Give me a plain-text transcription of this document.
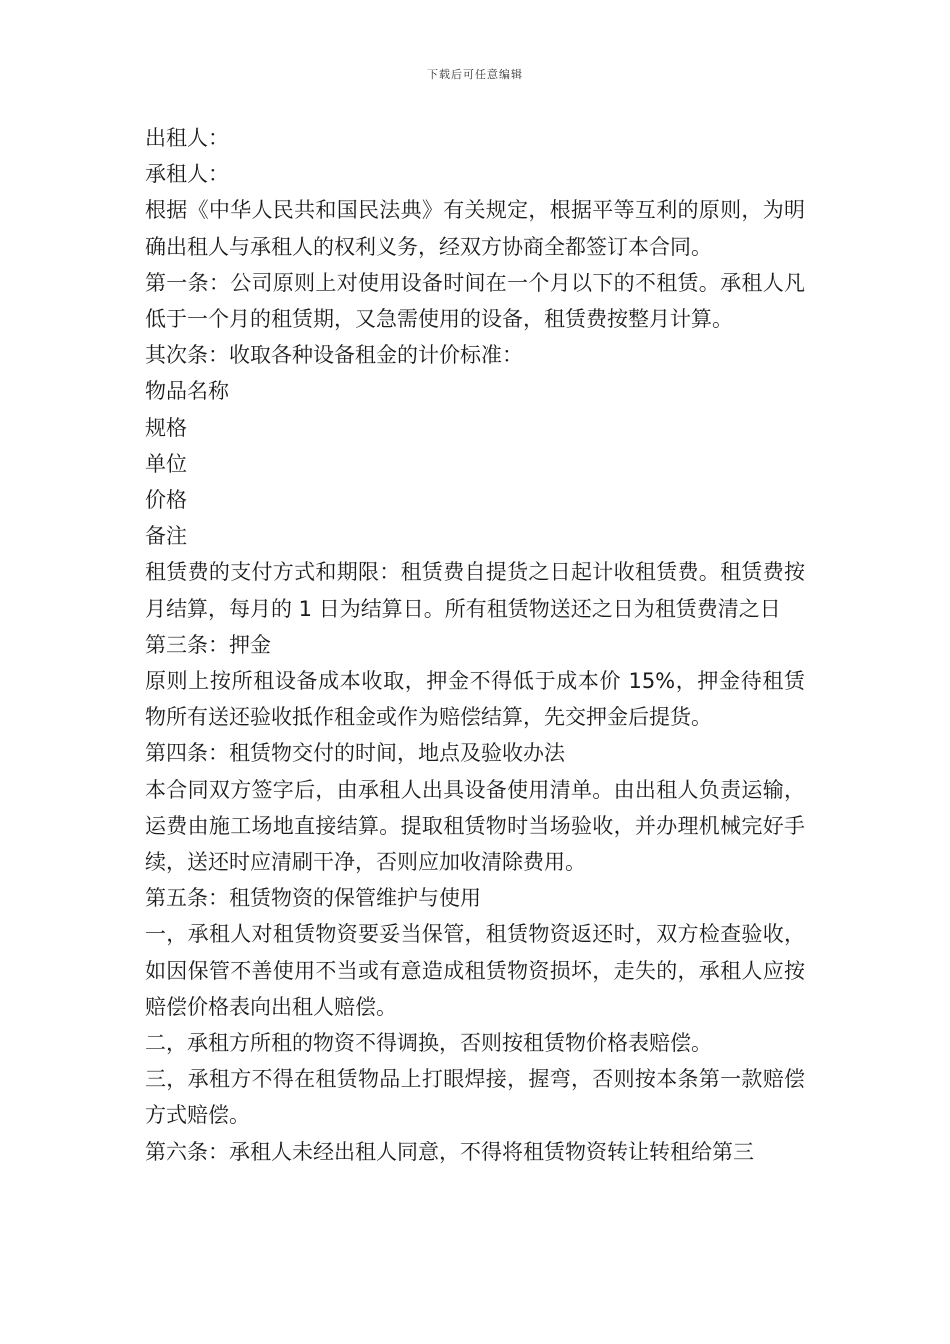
下载后可任意编辑

出租人：

承租人：

根据《中华人民共和国民法典》有关规定，根据平等互利的原则，为明确出租人与承租人的权利义务，经双方协商全都签订本合同。

第一条：公司原则上对使用设备时间在一个月以下的不租赁。承租人凡低于一个月的租赁期，又急需使用的设备，租赁费按整月计算。

其次条：收取各种设备租金的计价标准：

物品名称

规格

单位

价格

备注

租赁费的支付方式和期限：租赁费自提货之日起计收租赁费。租赁费按月结算，每月的 1 日为结算日。所有租赁物送还之日为租赁费清之日

第三条：押金

原则上按所租设备成本收取，押金不得低于成本价 15%，押金待租赁物所有送还验收抵作租金或作为赔偿结算，先交押金后提货。

第四条：租赁物交付的时间，地点及验收办法

本合同双方签字后，由承租人出具设备使用清单。由出租人负责运输，运费由施工场地直接结算。提取租赁物时当场验收，并办理机械完好手续，送还时应清刷干净，否则应加收清除费用。

第五条：租赁物资的保管维护与使用

一，承租人对租赁物资要妥当保管，租赁物资返还时，双方检查验收，如因保管不善使用不当或有意造成租赁物资损坏，走失的，承租人应按赔偿价格表向出租人赔偿。

二，承租方所租的物资不得调换，否则按租赁物价格表赔偿。

三，承租方不得在租赁物品上打眼焊接，握弯，否则按本条第一款赔偿方式赔偿。

第六条：承租人未经出租人同意，不得将租赁物资转让转租给第三
